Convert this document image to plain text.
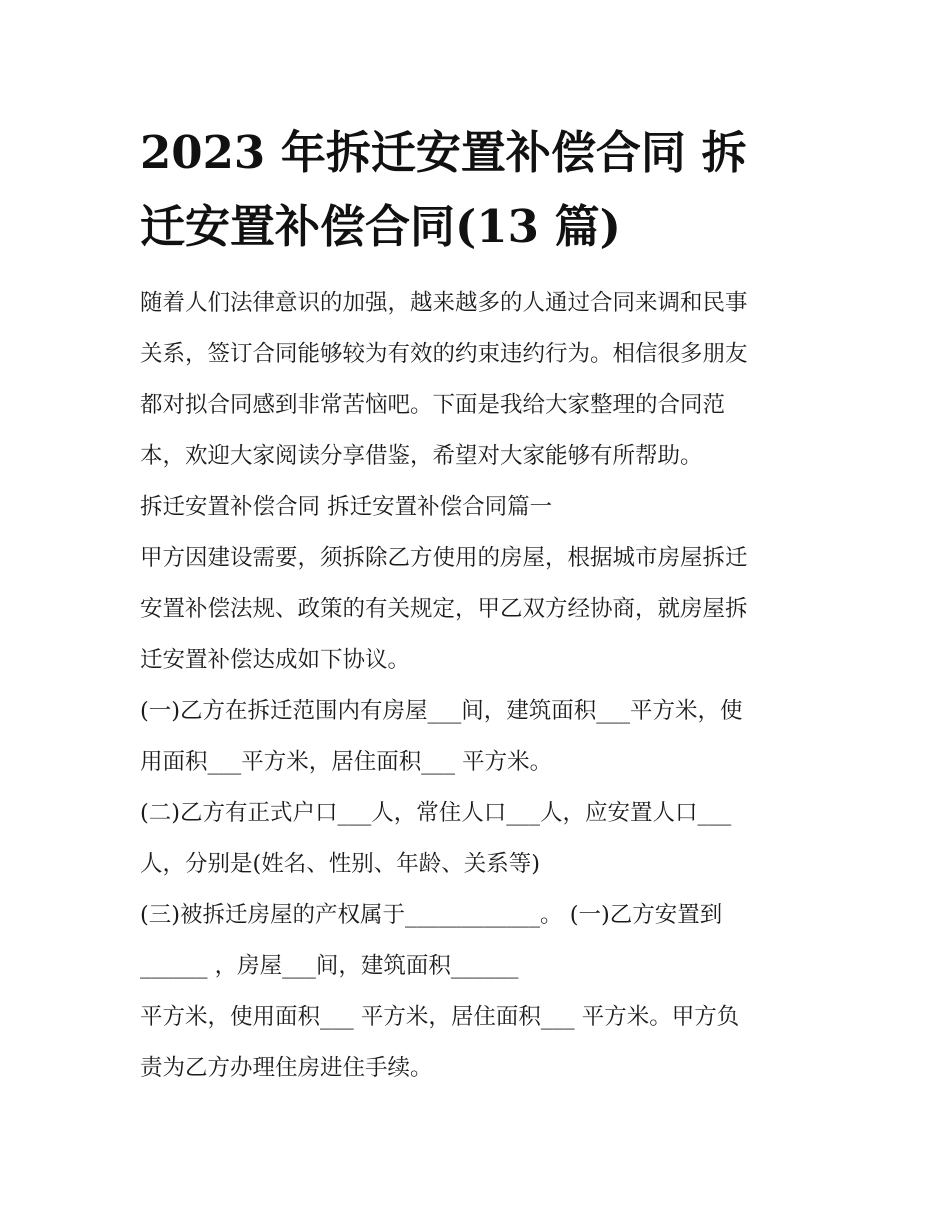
2023 年拆迁安置补偿合同 拆
迁安置补偿合同(13 篇)
随着人们法律意识的加强，越来越多的人通过合同来调和民事
关系，签订合同能够较为有效的约束违约行为。相信很多朋友
都对拟合同感到非常苦恼吧。下面是我给大家整理的合同范
本，欢迎大家阅读分享借鉴，希望对大家能够有所帮助。
拆迁安置补偿合同 拆迁安置补偿合同篇一
甲方因建设需要，须拆除乙方使用的房屋，根据城市房屋拆迁
安置补偿法规、政策的有关规定，甲乙双方经协商，就房屋拆
迁安置补偿达成如下协议。
(一)乙方在拆迁范围内有房屋___间，建筑面积___平方米，使
用面积___平方米，居住面积___ 平方米。
(二)乙方有正式户口___人，常住人口___人，应安置人口___
人，分别是(姓名、性别、年龄、关系等)
(三)被拆迁房屋的产权属于____________。 (一)乙方安置到
______ ，房屋___间，建筑面积______
平方米，使用面积___ 平方米，居住面积___ 平方米。甲方负
责为乙方办理住房进住手续。
